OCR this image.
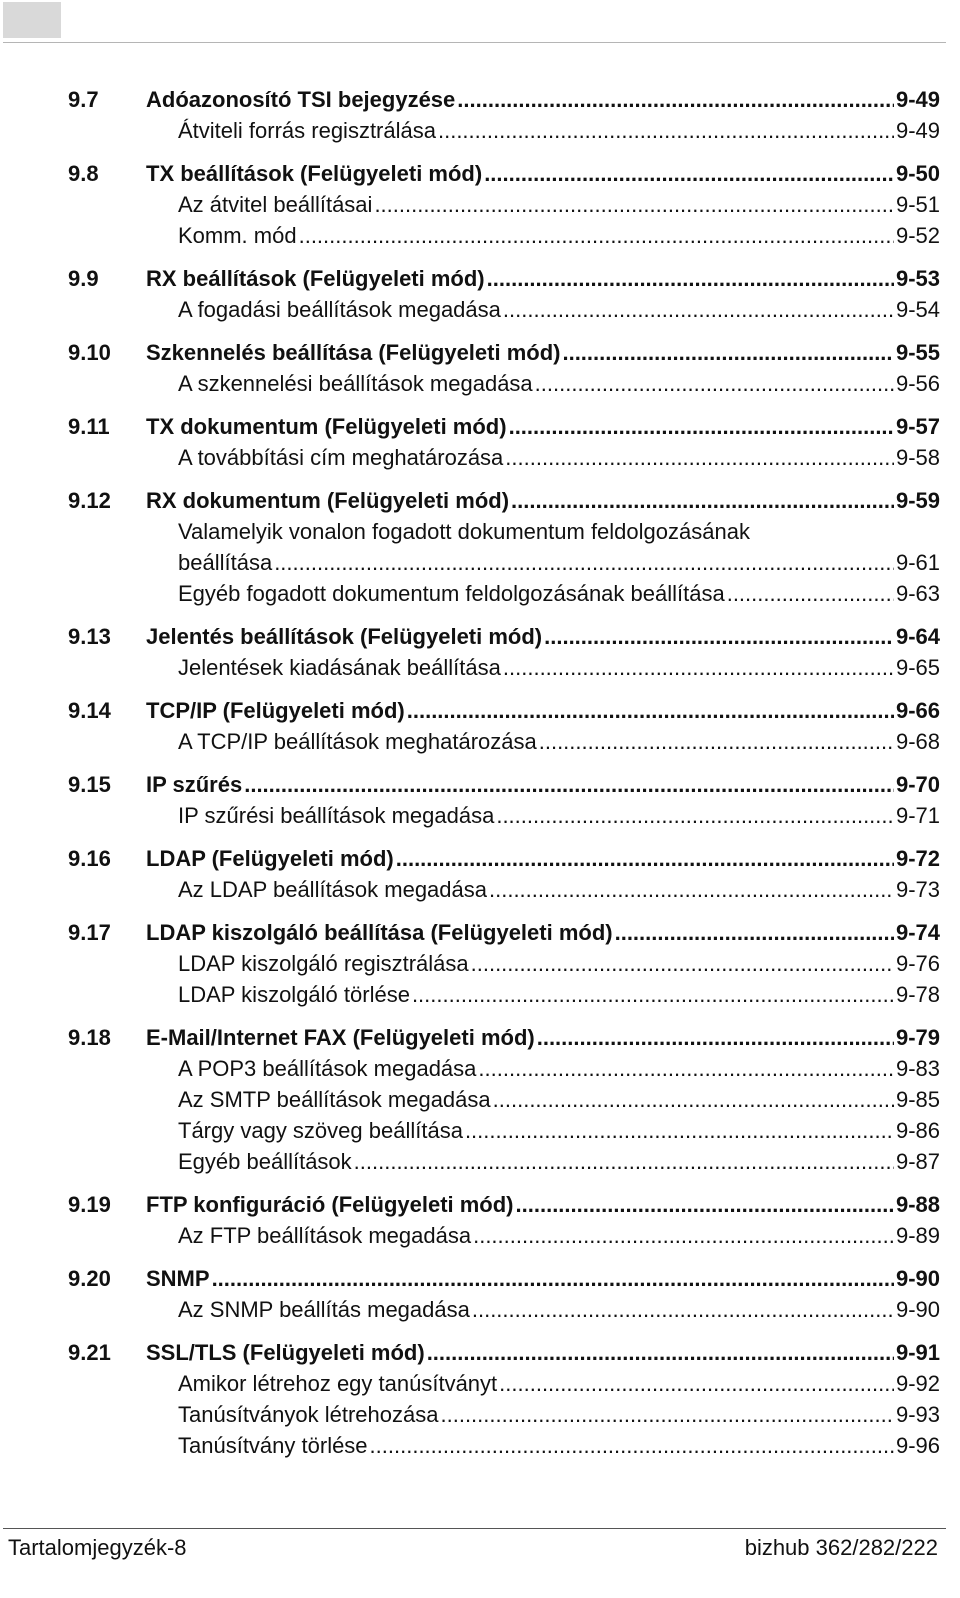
9.7	Adóazonosító TSI bejegyzése .....	9-49
Átviteli forrás regisztrálása .....	9-49
9.8	TX beállítások (Felügyeleti mód) .....	9-50
Az átvitel beállításai .....	9-51
Komm. mód .....	9-52
9.9	RX beállítások (Felügyeleti mód) .....	9-53
A fogadási beállítások megadása .....	9-54
9.10	Szkennelés beállítása (Felügyeleti mód) .....	9-55
A szkennelési beállítások megadása .....	9-56
9.11	TX dokumentum (Felügyeleti mód) .....	9-57
A továbbítási cím meghatározása .....	9-58
9.12	RX dokumentum (Felügyeleti mód) .....	9-59
Valamelyik vonalon fogadott dokumentum feldolgozásának
beállítása .....	9-61
Egyéb fogadott dokumentum feldolgozásának beállítása .....	9-63
9.13	Jelentés beállítások (Felügyeleti mód) .....	9-64
Jelentések kiadásának beállítása .....	9-65
9.14	TCP/IP (Felügyeleti mód) .....	9-66
A TCP/IP beállítások meghatározása .....	9-68
9.15	IP szűrés .....	9-70
IP szűrési beállítások megadása .....	9-71
9.16	LDAP (Felügyeleti mód) .....	9-72
Az LDAP beállítások megadása .....	9-73
9.17	LDAP kiszolgáló beállítása (Felügyeleti mód) .....	9-74
LDAP kiszolgáló regisztrálása .....	9-76
LDAP kiszolgáló törlése .....	9-78
9.18	E-Mail/Internet FAX (Felügyeleti mód) .....	9-79
A POP3 beállítások megadása .....	9-83
Az SMTP beállítások megadása .....	9-85
Tárgy vagy szöveg beállítása .....	9-86
Egyéb beállítások .....	9-87
9.19	FTP konfiguráció (Felügyeleti mód) .....	9-88
Az FTP beállítások megadása .....	9-89
9.20	SNMP .....	9-90
Az SNMP beállítás megadása .....	9-90
9.21	SSL/TLS (Felügyeleti mód) .....	9-91
Amikor létrehoz egy tanúsítványt .....	9-92
Tanúsítványok létrehozása .....	9-93
Tanúsítvány törlése .....	9-96
Tartalomjegyzék-8	bizhub 362/282/222
